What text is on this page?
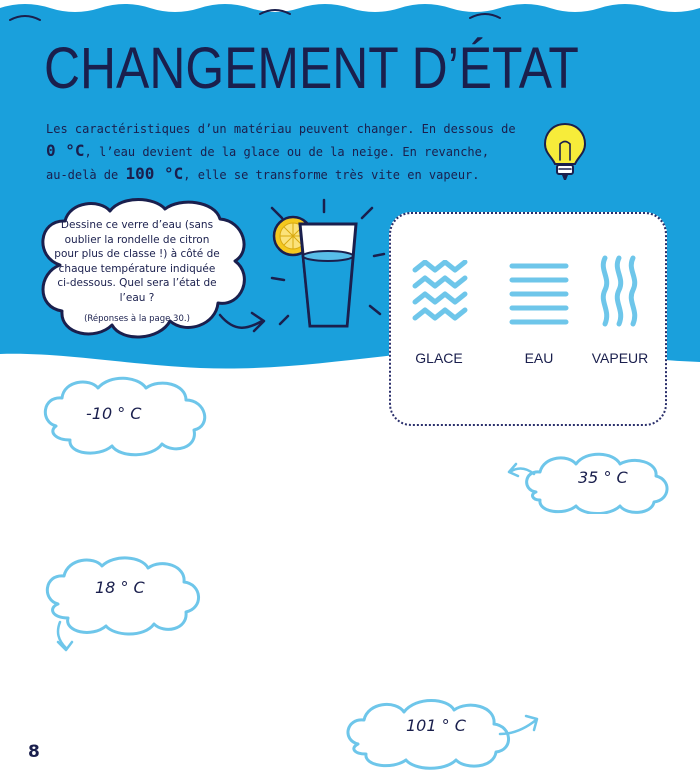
CHANGEMENT D’ÉTAT
Les caractéristiques d’un matériau peuvent changer. En dessous de 0 °C, l’eau devient de la glace ou de la neige. En revanche, au-delà de 100 °C, elle se transforme très vite en vapeur.
Dessine ce verre d’eau (sans oublier la rondelle de citron pour plus de classe !) à côté de chaque température indiquée ci-dessous. Quel sera l’état de l’eau ?
(Réponses à la page 30.)
GLACE	EAU	VAPEUR
-10 ° C
35 ° C
18 ° C
101 ° C
8
